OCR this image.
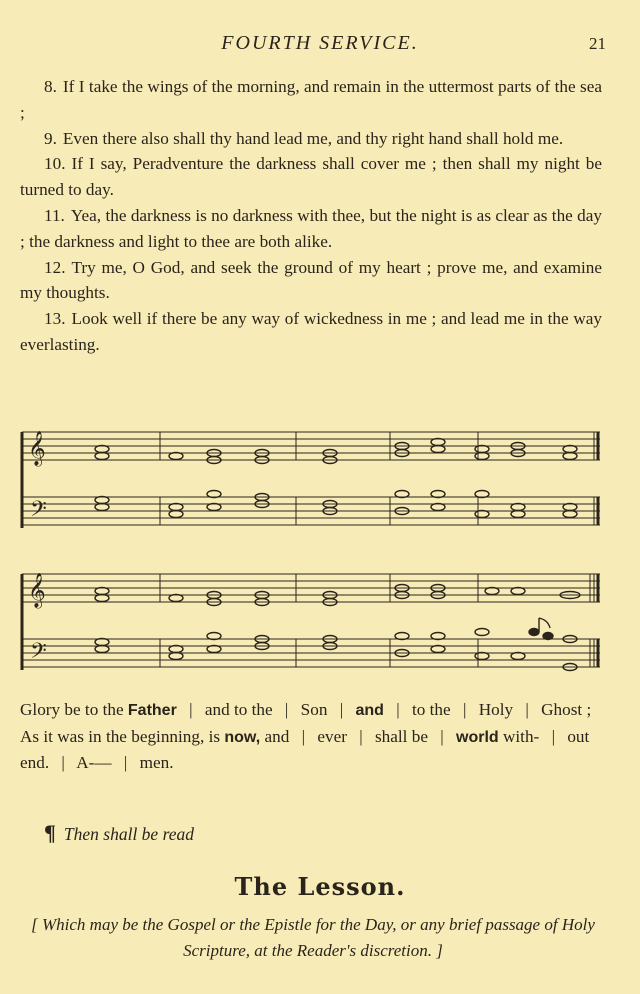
FOURTH SERVICE.	21

8. If I take the wings of the morning, and remain in the uttermost parts of the sea ;

9. Even there also shall thy hand lead me, and thy right hand shall hold me.

10. If I say, Peradventure the darkness shall cover me ; then shall my night be turned to day.

11. Yea, the darkness is no darkness with thee, but the night is as clear as the day ; the darkness and light to thee are both alike.

12. Try me, O God, and seek the ground of my heart ; prove me, and examine my thoughts.

13. Look well if there be any way of wickedness in me ; and lead me in the way everlasting.

𝄞
𝄢
𝄞
𝄢

Glory be to the Father | and to the | Son | and | to the | Holy | Ghost ;

As it was in the beginning, is now, and | ever | shall be | world with- | out end. | A-— | men.

¶ Then shall be read
The Lesson.
[ Which may be the Gospel or the Epistle for the Day, or any brief passage of Holy Scripture, at the Reader's discretion. ]
